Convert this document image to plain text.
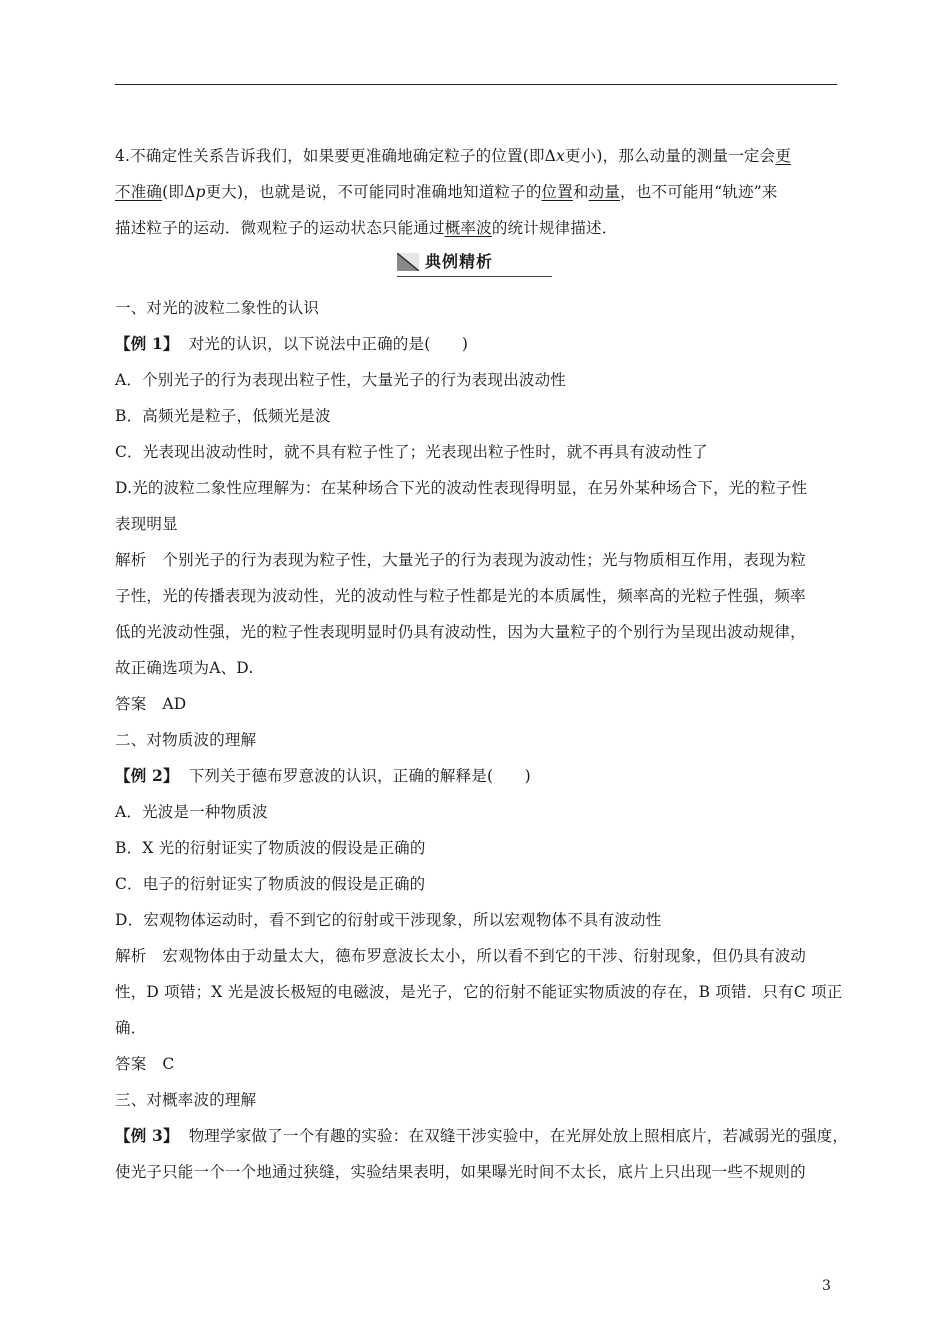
4.不确定性关系告诉我们，如果要更准确地确定粒子的位置(即Δx更小)，那么动量的测量一定会更
不准确(即Δp更大)，也就是说，不可能同时准确地知道粒子的位置和动量，也不可能用“轨迹”来
描述粒子的运动．微观粒子的运动状态只能通过概率波的统计规律描述．
典例精析
一、对光的波粒二象性的认识
【例 1】 对光的认识，以下说法中正确的是(　　)
A．个别光子的行为表现出粒子性，大量光子的行为表现出波动性
B．高频光是粒子，低频光是波
C．光表现出波动性时，就不具有粒子性了；光表现出粒子性时，就不再具有波动性了
D.光的波粒二象性应理解为：在某种场合下光的波动性表现得明显，在另外某种场合下，光的粒子性
表现明显
解析 个别光子的行为表现为粒子性，大量光子的行为表现为波动性；光与物质相互作用，表现为粒
子性，光的传播表现为波动性，光的波动性与粒子性都是光的本质属性，频率高的光粒子性强，频率
低的光波动性强，光的粒子性表现明显时仍具有波动性，因为大量粒子的个别行为呈现出波动规律，
故正确选项为A、D.
答案 AD
二、对物质波的理解
【例 2】 下列关于德布罗意波的认识，正确的解释是(　　)
A．光波是一种物质波
B．X 光的衍射证实了物质波的假设是正确的
C．电子的衍射证实了物质波的假设是正确的
D．宏观物体运动时，看不到它的衍射或干涉现象，所以宏观物体不具有波动性
解析 宏观物体由于动量太大，德布罗意波长太小，所以看不到它的干涉、衍射现象，但仍具有波动
性，D 项错；X 光是波长极短的电磁波，是光子，它的衍射不能证实物质波的存在，B 项错．只有C 项正
确．
答案 C
三、对概率波的理解
【例 3】 物理学家做了一个有趣的实验：在双缝干涉实验中，在光屏处放上照相底片，若减弱光的强度，
使光子只能一个一个地通过狭缝，实验结果表明，如果曝光时间不太长，底片上只出现一些不规则的
3
